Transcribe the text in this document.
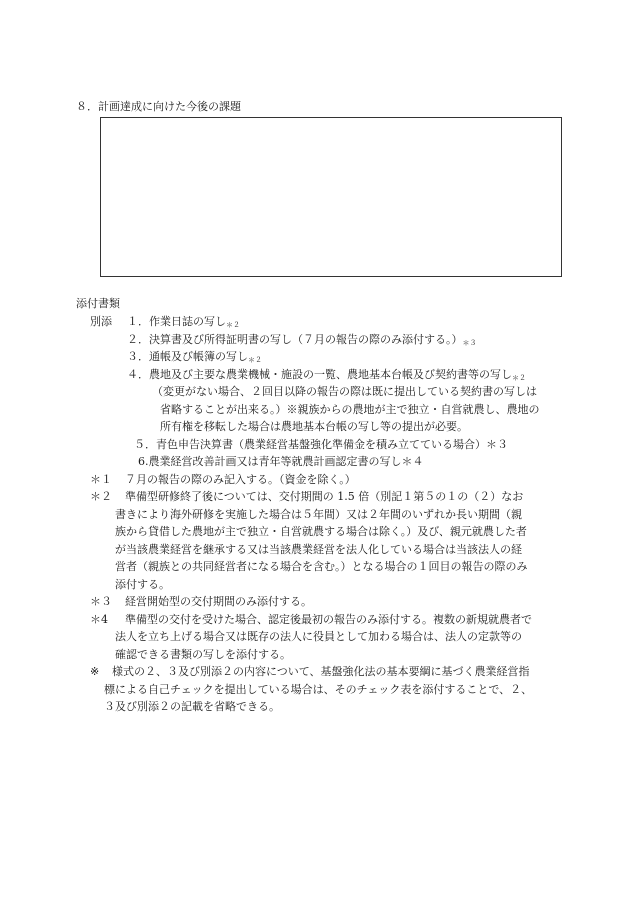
８．計画達成に向けた今後の課題
添付書類
別添 １．作業日誌の写し$_{*2}$
２．決算書及び所得証明書の写し（７月の報告の際のみ添付する。）$_{*3}$
３．通帳及び帳簿の写し$_{*2}$
４．農地及び主要な農業機械・施設の一覧、農地基本台帳及び契約書等の写し$_{*2}$
（変更がない場合、２回目以降の報告の際は既に提出している契約書の写しは
省略することが出来る。）※親族からの農地が主で独立・自営就農し、農地の
所有権を移転した場合は農地基本台帳の写し等の提出が必要。
５．青色申告決算書（農業経営基盤強化準備金を積み立てている場合）＊３
6.農業経営改善計画又は青年等就農計画認定書の写し＊４
＊１ ７月の報告の際のみ記入する。（資金を除く。）
＊２ 準備型研修終了後については、交付期間の 1.5 倍（別記１第５の１の（２）なお
書きにより海外研修を実施した場合は５年間）又は２年間のいずれか長い期間（親
族から貸借した農地が主で独立・自営就農する場合は除く。）及び、親元就農した者
が当該農業経営を継承する又は当該農業経営を法人化している場合は当該法人の経
営者（親族との共同経営者になる場合を含む。）となる場合の１回目の報告の際のみ
添付する。
＊３ 経営開始型の交付期間のみ添付する。
＊4 準備型の交付を受けた場合、認定後最初の報告のみ添付する。複数の新規就農者で
法人を立ち上げる場合又は既存の法人に役員として加わる場合は、法人の定款等の
確認できる書類の写しを添付する。
※ 様式の２、３及び別添２の内容について、基盤強化法の基本要綱に基づく農業経営指
標による自己チェックを提出している場合は、そのチェック表を添付することで、２、
３及び別添２の記載を省略できる。
